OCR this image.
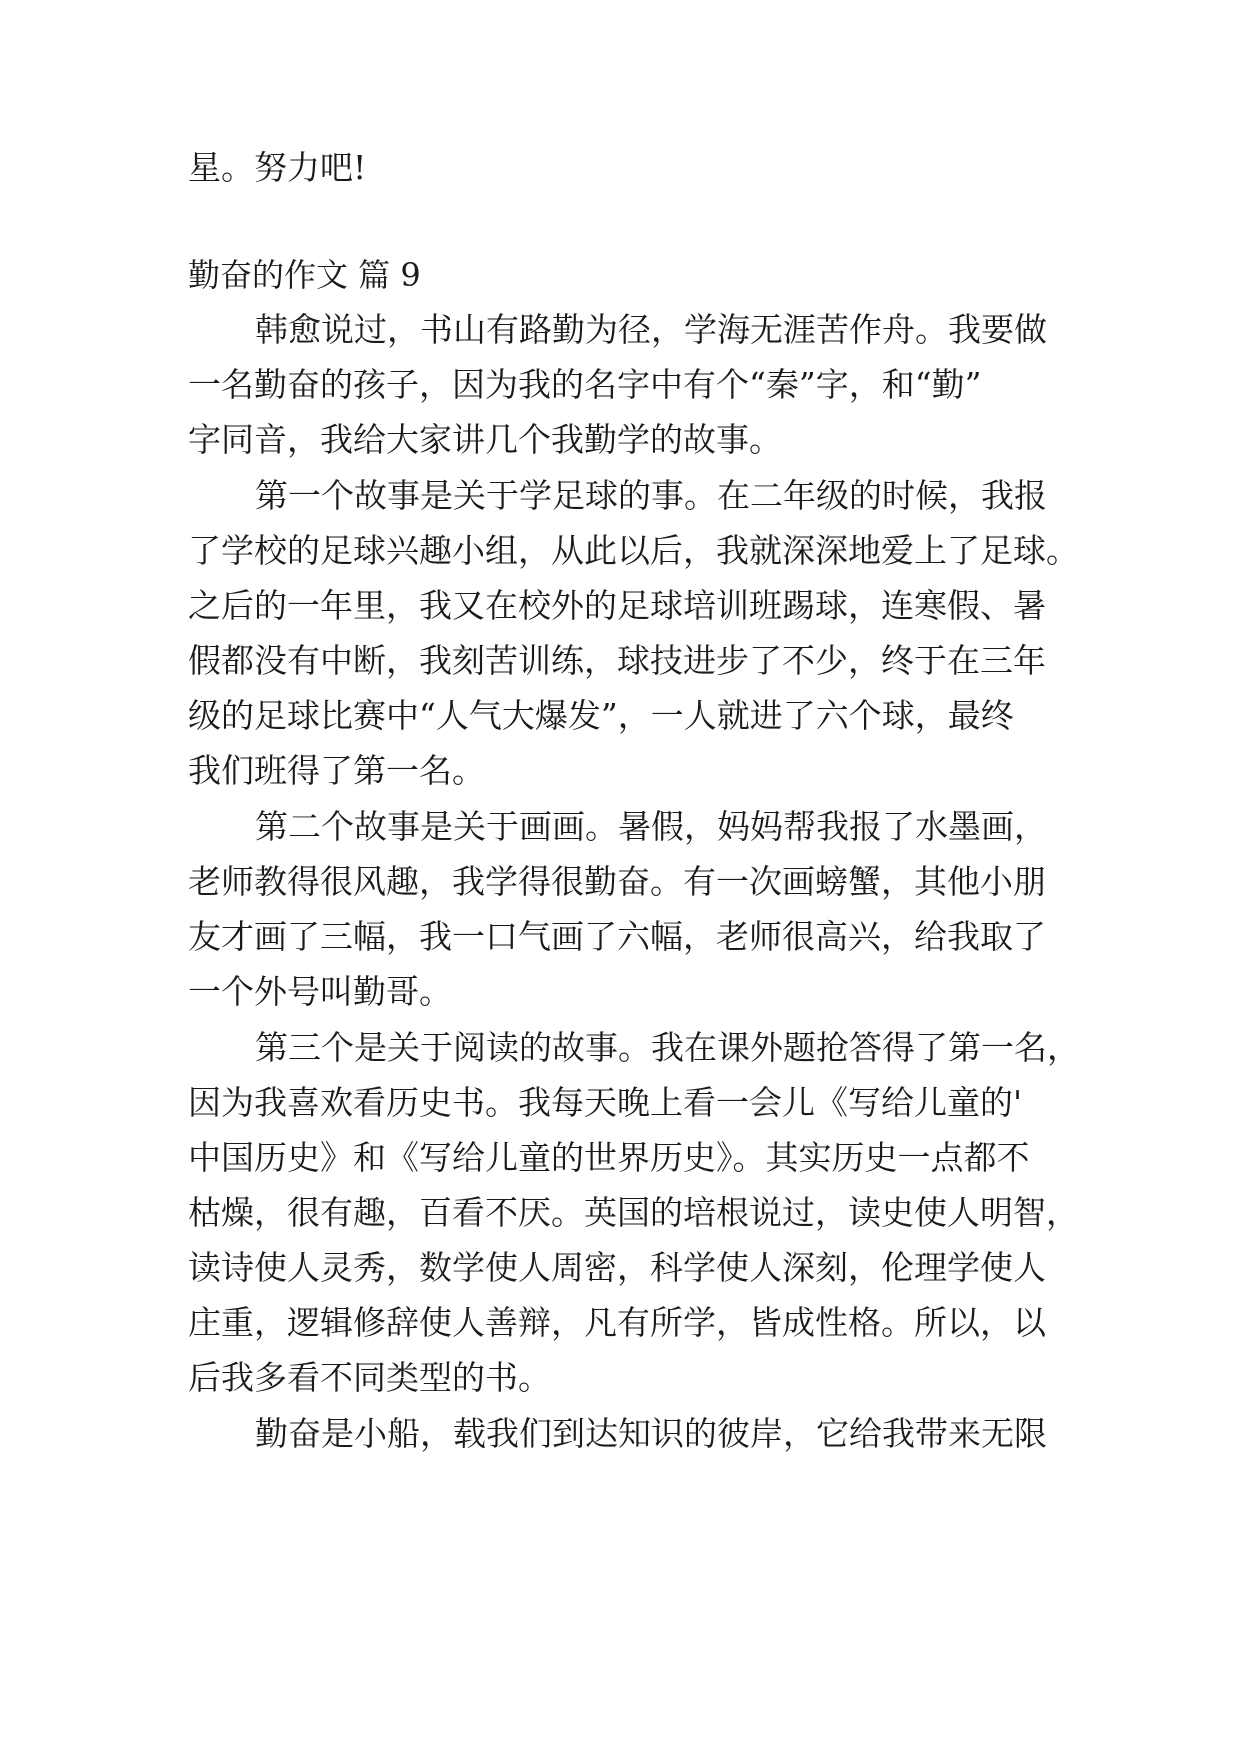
星。努力吧!
勤奋的作文 篇 9
韩愈说过，书山有路勤为径，学海无涯苦作舟。我要做
一名勤奋的孩子，因为我的名字中有个“秦”字，和“勤”
字同音，我给大家讲几个我勤学的故事。
第一个故事是关于学足球的事。在二年级的时候，我报
了学校的足球兴趣小组，从此以后，我就深深地爱上了足球。
之后的一年里，我又在校外的足球培训班踢球，连寒假、暑
假都没有中断，我刻苦训练，球技进步了不少，终于在三年
级的足球比赛中“人气大爆发”，一人就进了六个球，最终
我们班得了第一名。
第二个故事是关于画画。暑假，妈妈帮我报了水墨画，
老师教得很风趣，我学得很勤奋。有一次画螃蟹，其他小朋
友才画了三幅，我一口气画了六幅，老师很高兴，给我取了
一个外号叫勤哥。
第三个是关于阅读的故事。我在课外题抢答得了第一名，
因为我喜欢看历史书。我每天晚上看一会儿《写给儿童的'
中国历史》和《写给儿童的世界历史》。其实历史一点都不
枯燥，很有趣，百看不厌。英国的培根说过，读史使人明智，
读诗使人灵秀，数学使人周密，科学使人深刻，伦理学使人
庄重，逻辑修辞使人善辩，凡有所学，皆成性格。所以，以
后我多看不同类型的书。
勤奋是小船，载我们到达知识的彼岸，它给我带来无限
